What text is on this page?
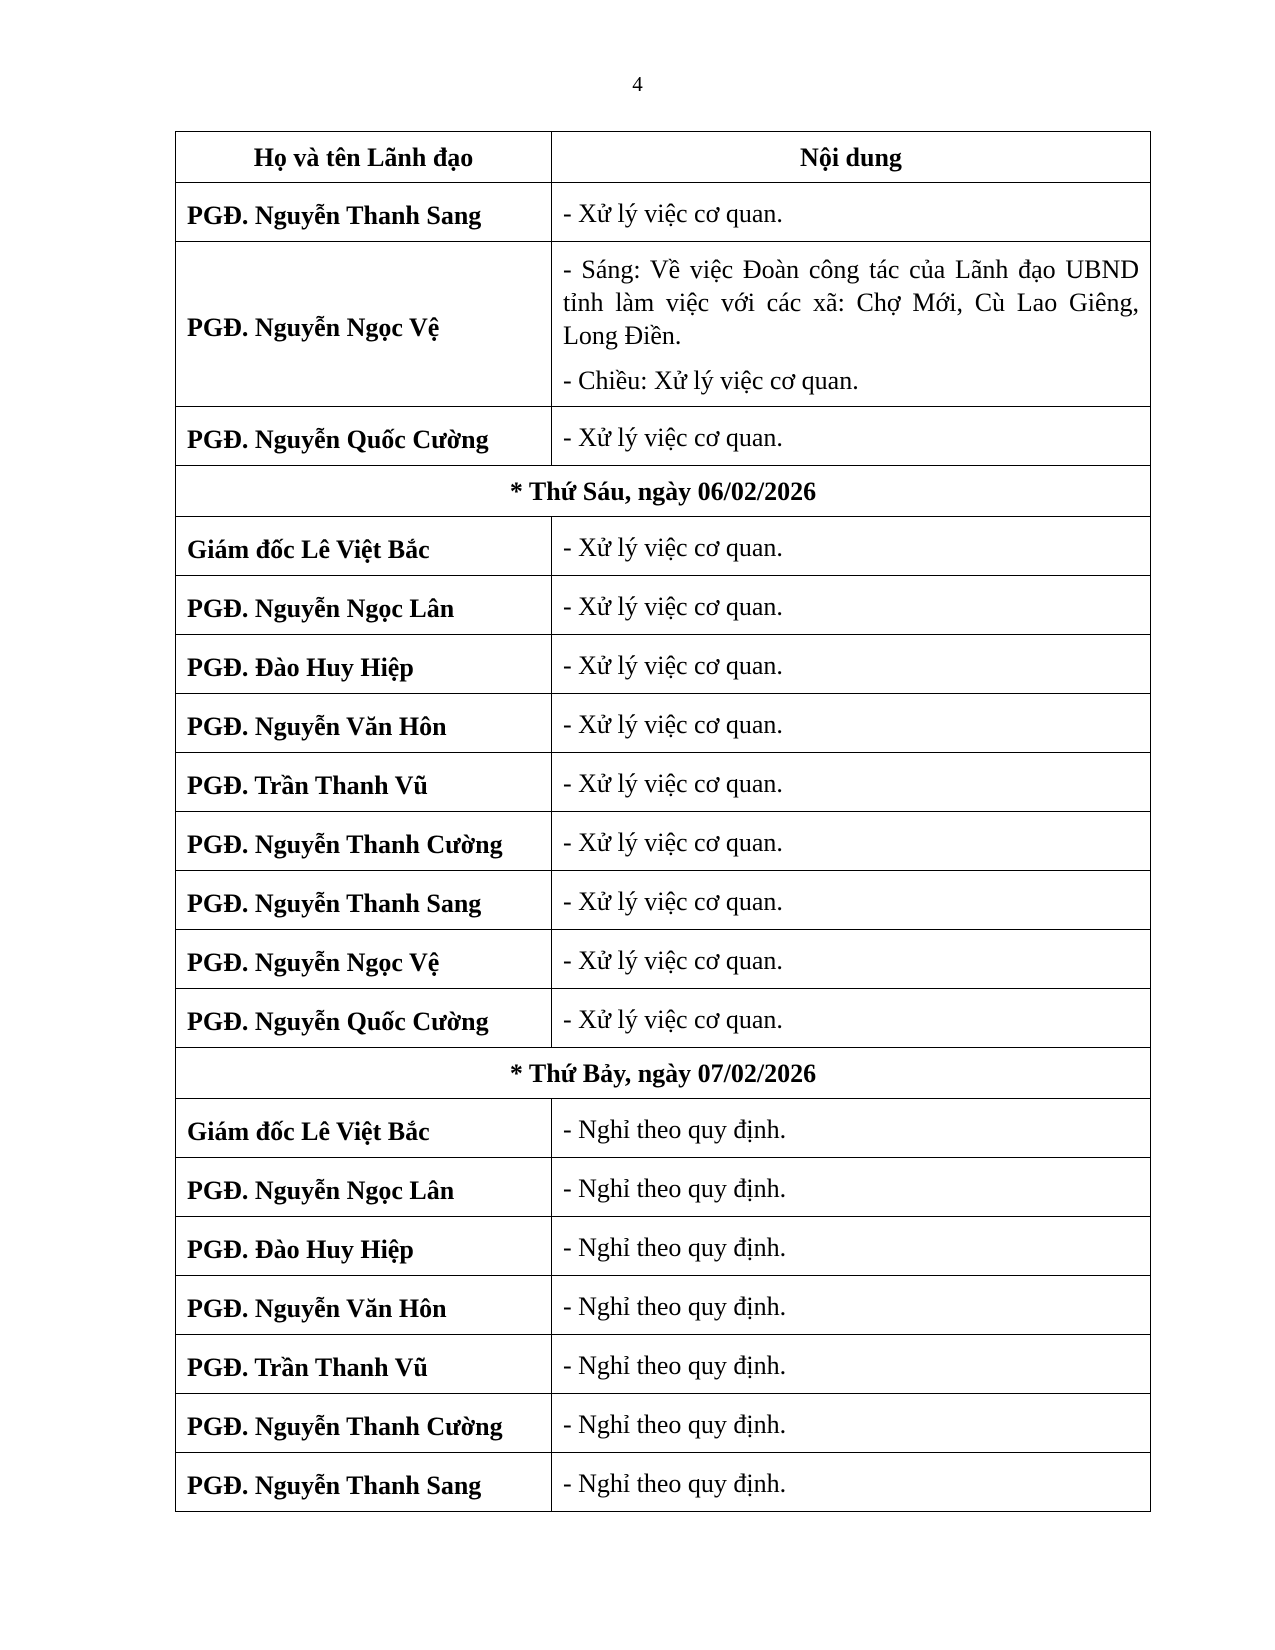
4
Họ và tên Lãnh đạo	Nội dung
PGĐ. Nguyễn Thanh Sang	- Xử lý việc cơ quan.
PGĐ. Nguyễn Ngọc Vệ	- Sáng: Về việc Đoàn công tác của Lãnh đạo UBND tỉnh làm việc với các xã: Chợ Mới, Cù Lao Giêng, Long Điền.
- Chiều: Xử lý việc cơ quan.

PGĐ. Nguyễn Quốc Cường	- Xử lý việc cơ quan.
* Thứ Sáu, ngày 06/02/2026	
Giám đốc Lê Việt Bắc	- Xử lý việc cơ quan.
PGĐ. Nguyễn Ngọc Lân	- Xử lý việc cơ quan.
PGĐ. Đào Huy Hiệp	- Xử lý việc cơ quan.
PGĐ. Nguyễn Văn Hôn	- Xử lý việc cơ quan.
PGĐ. Trần Thanh Vũ	- Xử lý việc cơ quan.
PGĐ. Nguyễn Thanh Cường	- Xử lý việc cơ quan.
PGĐ. Nguyễn Thanh Sang	- Xử lý việc cơ quan.
PGĐ. Nguyễn Ngọc Vệ	- Xử lý việc cơ quan.
PGĐ. Nguyễn Quốc Cường	- Xử lý việc cơ quan.
* Thứ Bảy, ngày 07/02/2026	
Giám đốc Lê Việt Bắc	- Nghỉ theo quy định.
PGĐ. Nguyễn Ngọc Lân	- Nghỉ theo quy định.
PGĐ. Đào Huy Hiệp	- Nghỉ theo quy định.
PGĐ. Nguyễn Văn Hôn	- Nghỉ theo quy định.
PGĐ. Trần Thanh Vũ	- Nghỉ theo quy định.
PGĐ. Nguyễn Thanh Cường	- Nghỉ theo quy định.
PGĐ. Nguyễn Thanh Sang	- Nghỉ theo quy định.
